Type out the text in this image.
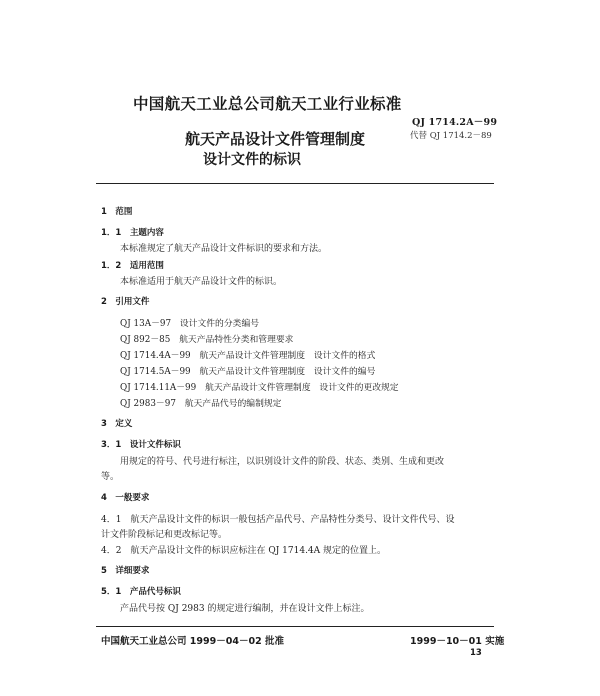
中国航天工业总公司航天工业行业标准
QJ 1714.2A－99
代替 QJ 1714.2－89
航天产品设计文件管理制度
设计文件的标识
1　范围
1．1　主题内容
本标准规定了航天产品设计文件标识的要求和方法。
1．2　适用范围
本标准适用于航天产品设计文件的标识。
2　引用文件
QJ 13A－97　设计文件的分类编号
QJ 892－85　航天产品特性分类和管理要求
QJ 1714.4A－99　航天产品设计文件管理制度　设计文件的格式
QJ 1714.5A－99　航天产品设计文件管理制度　设计文件的编号
QJ 1714.11A－99　航天产品设计文件管理制度　设计文件的更改规定
QJ 2983－97　航天产品代号的编制规定
3　定义
3．1　设计文件标识
用规定的符号、代号进行标注，以识别设计文件的阶段、状态、类别、生成和更改
等。
4　一般要求
4．1　航天产品设计文件的标识一般包括产品代号、产品特性分类号、设计文件代号、设
计文件阶段标记和更改标记等。
4．2　航天产品设计文件的标识应标注在 QJ 1714.4A 规定的位置上。
5　详细要求
5．1　产品代号标识
产品代号按 QJ 2983 的规定进行编制，并在设计文件上标注。
中国航天工业总公司 1999－04－02 批准	1999－10－01 实施
13
